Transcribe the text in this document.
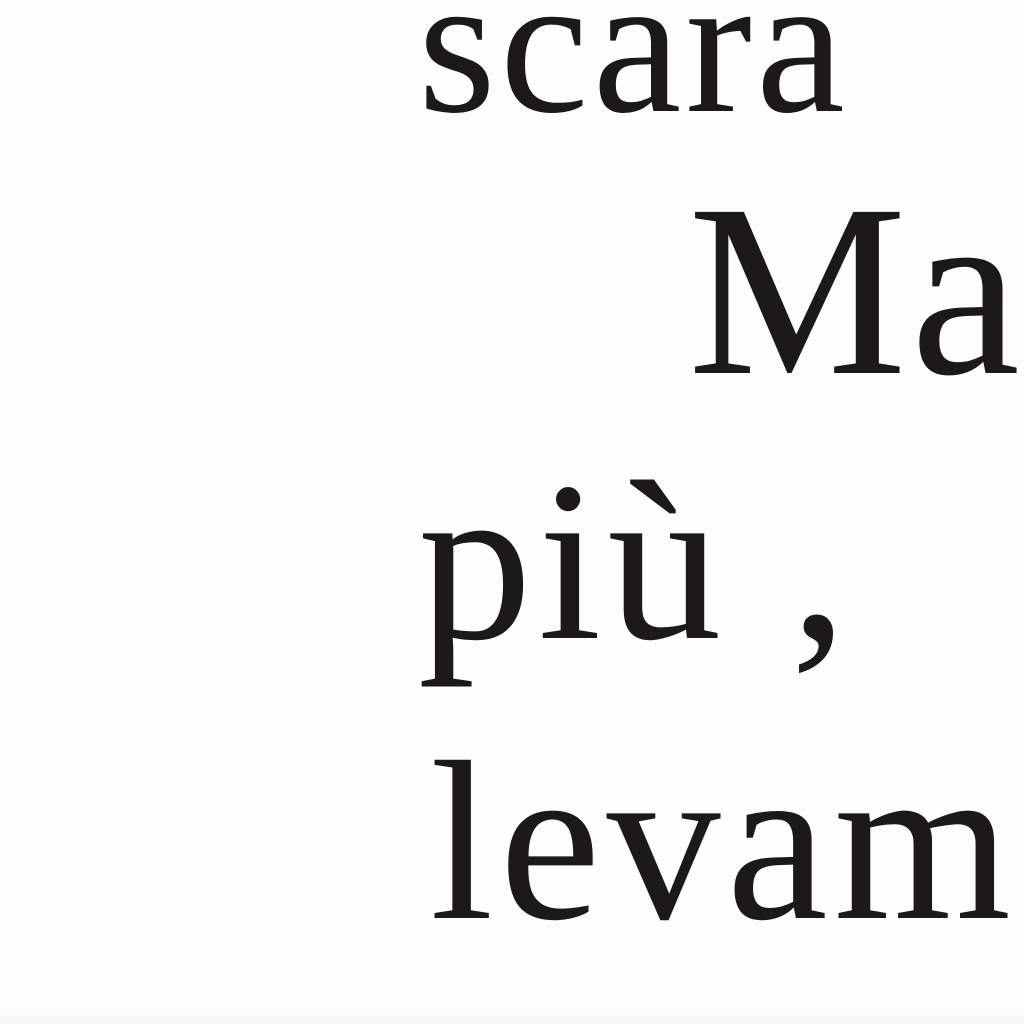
scara

Ma

più ,

levam
